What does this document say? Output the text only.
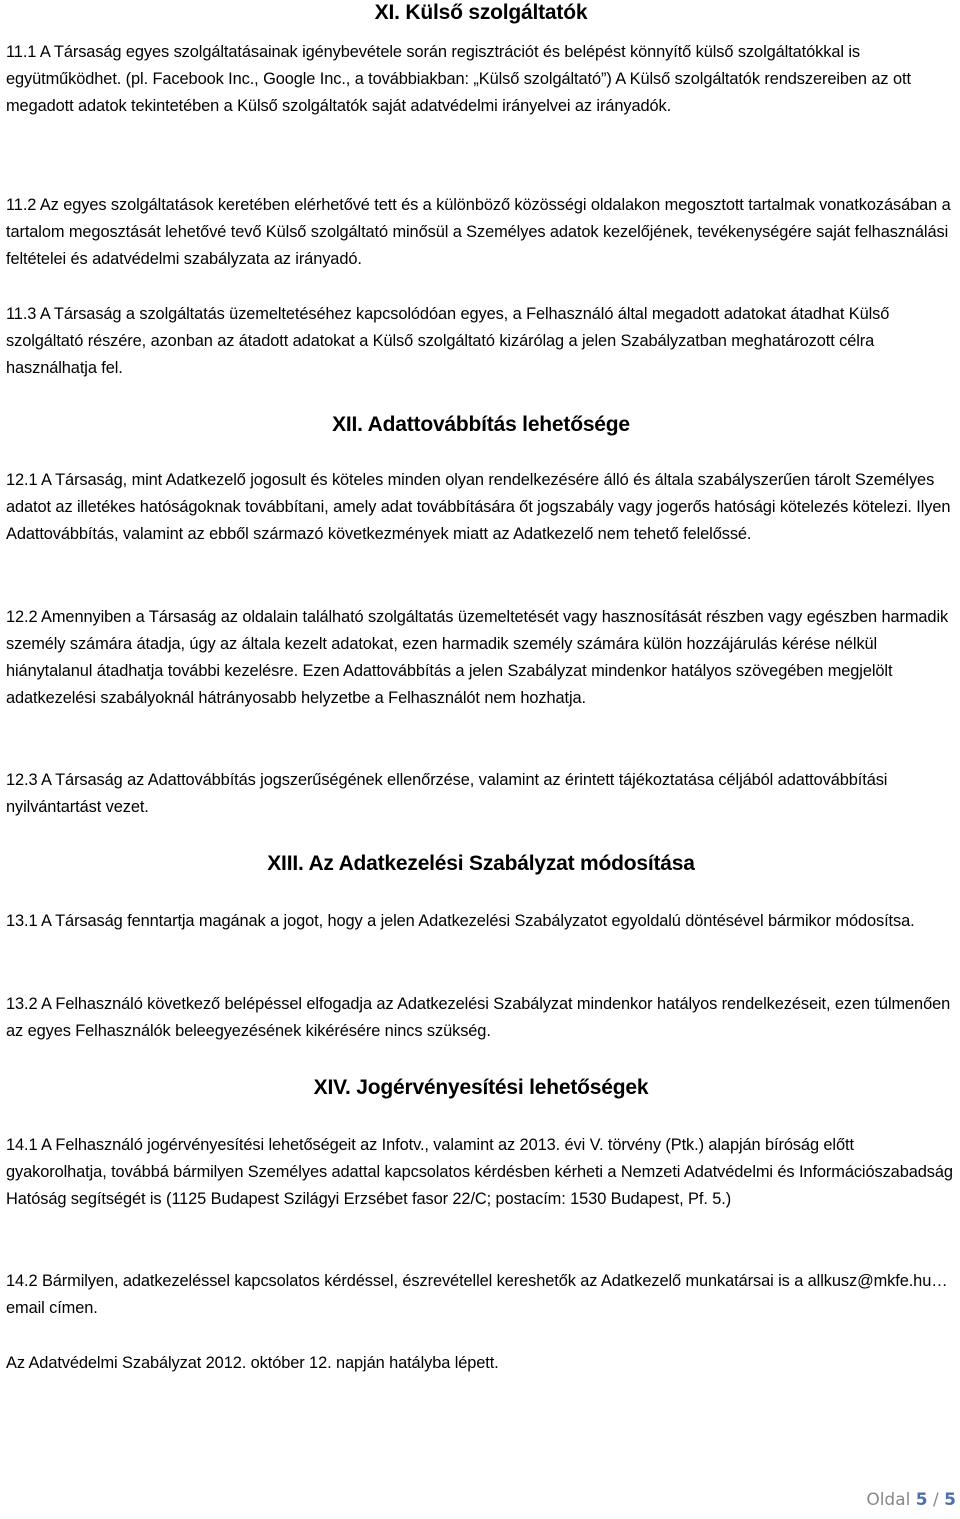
XI. Külső szolgáltatók

11.1 A Társaság egyes szolgáltatásainak igénybevétele során regisztrációt és belépést könnyítő külső szolgáltatókkal is együtműködhet. (pl. Facebook Inc., Google Inc., a továbbiakban: „Külső szolgáltató”) A Külső szolgáltatók rendszereiben az ott megadott adatok tekintetében a Külső szolgáltatók saját adatvédelmi irányelvei az irányadók.

11.2 Az egyes szolgáltatások keretében elérhetővé tett és a különböző közösségi oldalakon megosztott tartalmak vonatkozásában a tartalom megosztását lehetővé tevő Külső szolgáltató minősül a Személyes adatok kezelőjének, tevékenységére saját felhasználási feltételei és adatvédelmi szabályzata az irányadó.

11.3 A Társaság a szolgáltatás üzemeltetéséhez kapcsolódóan egyes, a Felhasználó által megadott adatokat átadhat Külső szolgáltató részére, azonban az átadott adatokat a Külső szolgáltató kizárólag a jelen Szabályzatban meghatározott célra használhatja fel.

XII. Adattovábbítás lehetősége

12.1 A Társaság, mint Adatkezelő jogosult és köteles minden olyan rendelkezésére álló és általa szabályszerűen tárolt Személyes adatot az illetékes hatóságoknak továbbítani, amely adat továbbítására őt jogszabály vagy jogerős hatósági kötelezés kötelezi. Ilyen Adattovábbítás, valamint az ebből származó következmények miatt az Adatkezelő nem tehető felelőssé.

12.2 Amennyiben a Társaság az oldalain található szolgáltatás üzemeltetését vagy hasznosítását részben vagy egészben harmadik személy számára átadja, úgy az általa kezelt adatokat, ezen harmadik személy számára külön hozzájárulás kérése nélkül hiánytalanul átadhatja további kezelésre. Ezen Adattovábbítás a jelen Szabályzat mindenkor hatályos szövegében megjelölt adatkezelési szabályoknál hátrányosabb helyzetbe a Felhasználót nem hozhatja.

12.3 A Társaság az Adattovábbítás jogszerűségének ellenőrzése, valamint az érintett tájékoztatása céljából adattovábbítási nyilvántartást vezet.

XIII. Az Adatkezelési Szabályzat módosítása

13.1 A Társaság fenntartja magának a jogot, hogy a jelen Adatkezelési Szabályzatot egyoldalú döntésével bármikor módosítsa.

13.2 A Felhasználó következő belépéssel elfogadja az Adatkezelési Szabályzat mindenkor hatályos rendelkezéseit, ezen túlmenően az egyes Felhasználók beleegyezésének kikérésére nincs szükség.

XIV. Jogérvényesítési lehetőségek

14.1 A Felhasználó jogérvényesítési lehetőségeit az Infotv., valamint az 2013. évi V. törvény (Ptk.) alapján bíróság előtt gyakorolhatja, továbbá bármilyen Személyes adattal kapcsolatos kérdésben kérheti a Nemzeti Adatvédelmi és Információszabadság Hatóság segítségét is (1125 Budapest Szilágyi Erzsébet fasor 22/C; postacím: 1530 Budapest, Pf. 5.)

14.2 Bármilyen, adatkezeléssel kapcsolatos kérdéssel, észrevétellel kereshetők az Adatkezelő munkatársai is a allkusz@mkfe.hu… email címen.

Az Adatvédelmi Szabályzat 2012. október 12. napján hatályba lépett.

Oldal 5 / 5
